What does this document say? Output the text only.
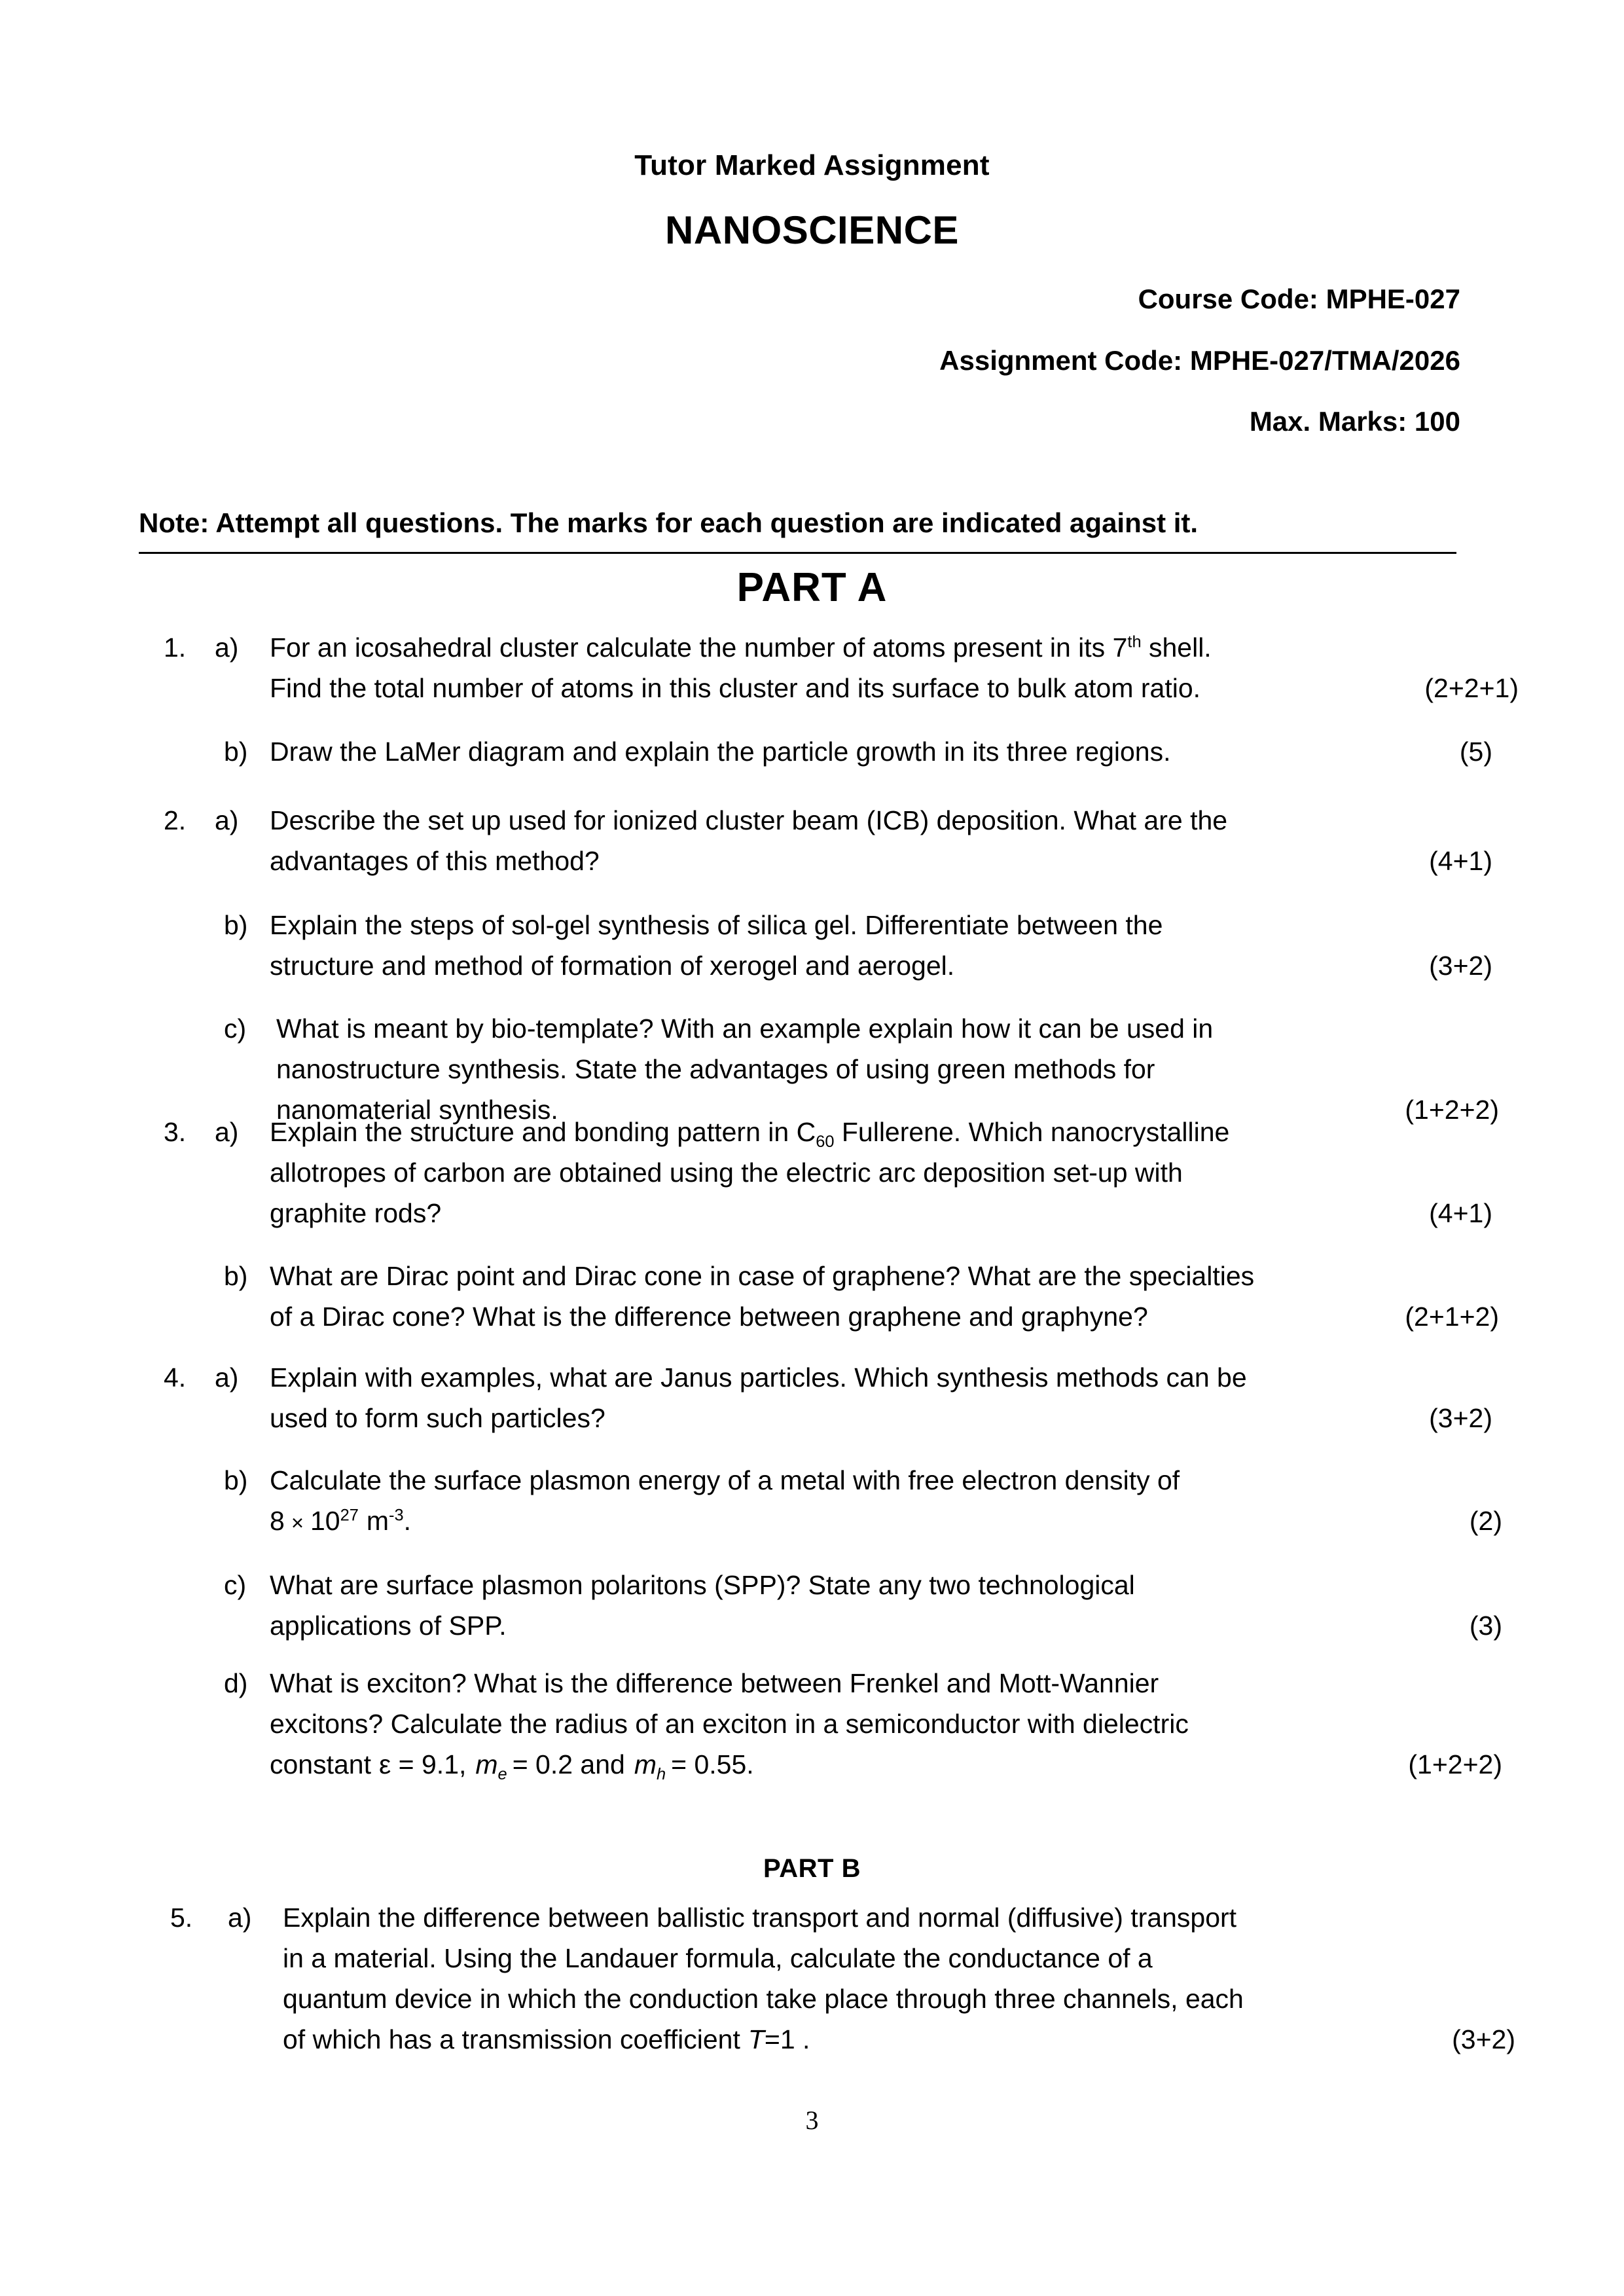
Tutor Marked Assignment
NANOSCIENCE
Course Code: MPHE-027
Assignment Code: MPHE-027/TMA/2026
Max. Marks: 100
Note: Attempt all questions. The marks for each question are indicated against it.
PART A
1.	a)	For an icosahedral cluster calculate the number of atoms present in its 7th shell.
Find the total number of atoms in this cluster and its surface to bulk atom ratio.	(2+2+1)
b) Draw the LaMer diagram and explain the particle growth in its three regions.	(5)
2.	a)	Describe the set up used for ionized cluster beam (ICB) deposition. What are the
advantages of this method?	(4+1)
b) Explain the steps of sol-gel synthesis of silica gel. Differentiate between the
structure and method of formation of xerogel and aerogel.	(3+2)
c)	What is meant by bio-template? With an example explain how it can be used in
nanostructure synthesis. State the advantages of using green methods for
nanomaterial synthesis.	(1+2+2)
3.	a)	Explain the structure and bonding pattern in $C_{60}$ Fullerene. Which nanocrystalline
allotropes of carbon are obtained using the electric arc deposition set-up with
graphite rods?	(4+1)
b) What are Dirac point and Dirac cone in case of graphene? What are the specialties
of a Dirac cone? What is the difference between graphene and graphyne?	(2+1+2)
4.	a)	Explain with examples, what are Janus particles. Which synthesis methods can be
used to form such particles?	(3+2)
b) Calculate the surface plasmon energy of a metal with free electron density of
$8 \times 10^{27}$ $m^{-3}$.	(2)
c) What are surface plasmon polaritons (SPP)? State any two technological
applications of SPP.	(3)
d) What is exciton? What is the difference between Frenkel and Mott-Wannier
excitons? Calculate the radius of an exciton in a semiconductor with dielectric
constant ε = 9.1, $m_e = 0.2$ and $m_h = 0.55$.	(1+2+2)
PART B
5.	a)	Explain the difference between ballistic transport and normal (diffusive) transport
in a material. Using the Landauer formula, calculate the conductance of a
quantum device in which the conduction take place through three channels, each
of which has a transmission coefficient T=1 .	(3+2)
3
